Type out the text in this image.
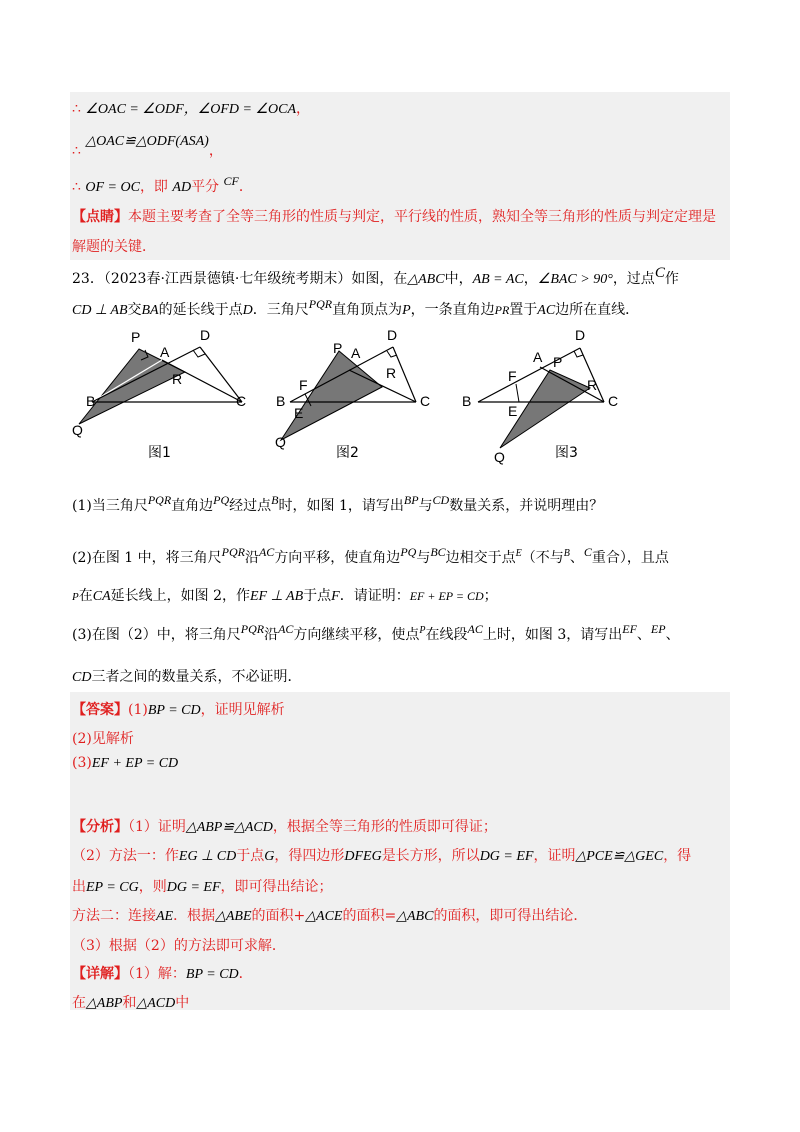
∴ ∠OAC = ∠ODF，∠OFD = ∠OCA，
∴ △OAC≌△ODF(ASA)，
∴ OF = OC，即 AD平分 CF．
【点睛】本题主要考查了全等三角形的性质与判定，平行线的性质，熟知全等三角形的性质与判定定理是
解题的关键．
23．（2023春·江西景德镇·七年级统考期末）如图，在△ABC中，AB = AC，∠BAC > 90°，过点C作
CD ⊥ AB交BA的延长线于点D．三角尺PQR直角顶点为P，一条直角边PR置于AC边所在直线．
P
A
D
R
B	C
Q
图1
P A
D
R
F
B
E
C
Q
图2
A P
D
F
R
B
E
C
Q	图3
(1)当三角尺PQR直角边PQ经过点B时，如图 1，请写出BP与CD数量关系，并说明理由？
(2)在图 1 中，将三角尺PQR沿AC方向平移，使直角边PQ与BC边相交于点$^E$（不与$^B$、C重合），且点
P在CA延长线上，如图 2，作EF ⊥ AB于点F．请证明：EF + EP = CD；
(3)在图（2）中，将三角尺PQR沿AC方向继续平移，使点$^P$在线段AC上时，如图 3，请写出EF、EP、
CD三者之间的数量关系，不必证明．
【答案】(1)BP = CD，证明见解析
(2)见解析
(3)EF + EP = CD
【分析】（1）证明△ABP≌△ACD，根据全等三角形的性质即可得证；
（2）方法一：作EG ⊥ CD于点G，得四边形DFEG是长方形，所以DG = EF，证明△PCE≌△GEC，得
出EP = CG，则DG = EF，即可得出结论；
方法二：连接AE．根据△ABE的面积+△ACE的面积=△ABC的面积，即可得出结论．
（3）根据（2）的方法即可求解．
【详解】（1）解：BP = CD．
在△ABP和△ACD中
